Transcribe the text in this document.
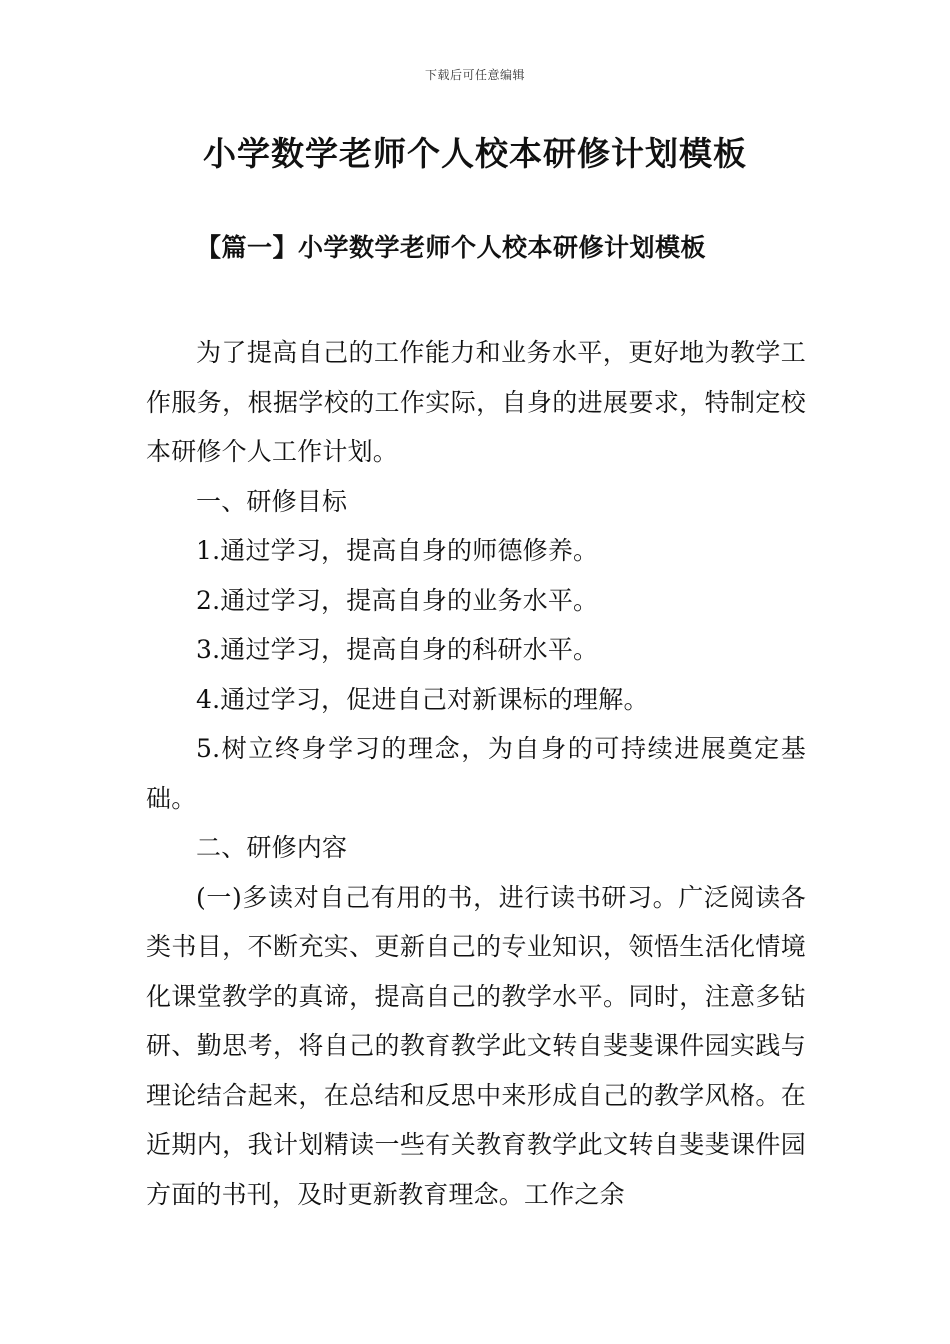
下载后可任意编辑
小学数学老师个人校本研修计划模板
【篇一】小学数学老师个人校本研修计划模板

为了提高自己的工作能力和业务水平，更好地为教学工作服务，根据学校的工作实际，自身的进展要求，特制定校本研修个人工作计划。

一、研修目标

1.通过学习，提高自身的师德修养。

2.通过学习，提高自身的业务水平。

3.通过学习，提高自身的科研水平。

4.通过学习，促进自己对新课标的理解。

5.树立终身学习的理念，为自身的可持续进展奠定基础。

二、研修内容

(一)多读对自己有用的书，进行读书研习。广泛阅读各类书目，不断充实、更新自己的专业知识，领悟生活化情境化课堂教学的真谛，提高自己的教学水平。同时，注意多钻研、勤思考，将自己的教育教学此文转自斐斐课件园实践与理论结合起来，在总结和反思中来形成自己的教学风格。在近期内，我计划精读一些有关教育教学此文转自斐斐课件园方面的书刊，及时更新教育理念。工作之余
